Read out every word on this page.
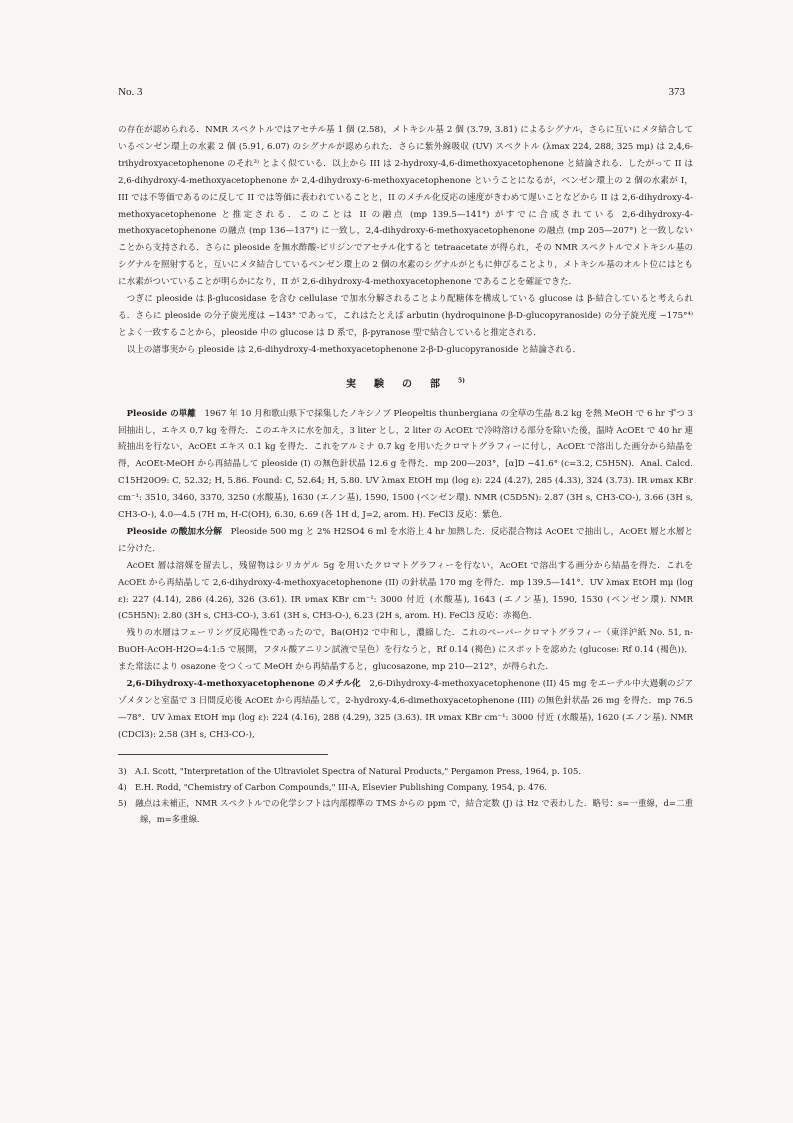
No. 3	373

の存在が認められる．NMR スペクトルではアセチル基 1 個 (2.58)，メトキシル基 2 個 (3.79, 3.81) によるシグナル，さらに互いにメタ結合しているベンゼン環上の水素 2 個 (5.91, 6.07) のシグナルが認められた．さらに紫外線吸収 (UV) スペクトル (λmax 224, 288, 325 mμ) は 2,4,6-trihydroxyacetophenone のそれ³⁾ とよく似ている．以上から III は 2-hydroxy-4,6-dimethoxyacetophenone と結論される．したがって II は 2,6-dihydroxy-4-methoxyacetophenone か 2,4-dihydroxy-6-methoxyacetophenone ということになるが，ベンゼン環上の 2 個の水素が I，III では不等価であるのに反して II では等価に表われていることと，II のメチル化反応の速度がきわめて遅いことなどから II は 2,6-dihydroxy-4-methoxyacetophenone と推定される．このことは II の融点 (mp 139.5—141°) がすでに合成されている 2,6-dihydroxy-4-methoxyacetophenone の融点 (mp 136—137°) に一致し，2,4-dihydroxy-6-methoxyacetophenone の融点 (mp 205—207°) と一致しないことから支持される．さらに pleoside を無水酢酸-ピリジンでアセチル化すると tetraacetate が得られ，その NMR スペクトルでメトキシル基のシグナルを照射すると，互いにメタ結合しているベンゼン環上の 2 個の水素のシグナルがともに伸びることより，メトキシル基のオルト位にはともに水素がついていることが明らかになり，II が 2,6-dihydroxy-4-methoxyacetophenone であることを確証できた．

つぎに pleoside は β-glucosidase を含む cellulase で加水分解されることより配糖体を構成している glucose は β-結合していると考えられる．さらに pleoside の分子旋光度は −143° であって，これはたとえば arbutin (hydroquinone β-D-glucopyranoside) の分子旋光度 −175°⁴⁾ とよく一致することから，pleoside 中の glucose は D 系で，β-pyranose 型で結合していると推定される．

以上の諸事実から pleoside は 2,6-dihydroxy-4-methoxyacetophenone 2-β-D-glucopyranoside と結論される．

実験の部$^{5)}$

Pleoside の単離　1967 年 10 月和歌山県下で採集したノキシノブ Pleopeltis thunbergiana の全草の生晶 8.2 kg を熱 MeOH で 6 hr ずつ 3 回抽出し，エキス 0.7 kg を得た．このエキスに水を加え，3 liter とし，2 liter の AcOEt で冷時溶ける部分を除いた後，温時 AcOEt で 40 hr 連続抽出を行ない，AcOEt エキス 0.1 kg を得た．これをアルミナ 0.7 kg を用いたクロマトグラフィーに付し，AcOEt で溶出した画分から結晶を得，AcOEt-MeOH から再結晶して pleoside (I) の無色針状晶 12.6 g を得た．mp 200—203°，[α]D −41.6° (c=3.2, C5H5N)．Anal. Calcd. C15H20O9: C, 52.32; H, 5.86. Found: C, 52.64; H, 5.80. UV λmax EtOH mμ (log ε): 224 (4.27), 285 (4.33), 324 (3.73). IR νmax KBr cm⁻¹: 3510, 3460, 3370, 3250 (水酸基), 1630 (エノン基), 1590, 1500 (ベンゼン環). NMR (C5D5N): 2.87 (3H s, CH3-CO-), 3.66 (3H s, CH3-O-), 4.0—4.5 (7H m, H-C(OH), 6.30, 6.69 (各 1H d, J=2, arom. H). FeCl3 反応：紫色．

Pleoside の酸加水分解　Pleoside 500 mg と 2% H2SO4 6 ml を水浴上 4 hr 加熱した．反応混合物は AcOEt で抽出し，AcOEt 層と水層とに分けた．

AcOEt 層は溶媒を留去し，残留物はシリカゲル 5g を用いたクロマトグラフィーを行ない，AcOEt で溶出する画分から結晶を得た．これを AcOEt から再結晶して 2,6-dihydroxy-4-methoxyacetophenone (II) の針状晶 170 mg を得た．mp 139.5—141°．UV λmax EtOH mμ (log ε): 227 (4.14), 286 (4.26), 326 (3.61). IR νmax KBr cm⁻¹: 3000 付近 (水酸基), 1643 (エノン基), 1590, 1530 (ベンゼン環). NMR (C5H5N): 2.80 (3H s, CH3-CO-), 3.61 (3H s, CH3-O-), 6.23 (2H s, arom. H). FeCl3 反応：赤褐色．

残りの水層はフェーリング反応陽性であったので，Ba(OH)2 で中和し，濃縮した．これのペーパークロマトグラフィー（東洋沪紙 No. 51, n-BuOH-AcOH-H2O=4:1:5 で展開，フタル酸アニリン試液で呈色）を行なうと，Rf 0.14 (褐色) にスポットを認めた (glucose: Rf 0.14 (褐色))．また常法により osazone をつくって MeOH から再結晶すると，glucosazone, mp 210—212°，が得られた．

2,6-Dihydroxy-4-methoxyacetophenone のメチル化　2,6-Dihydroxy-4-methoxyacetophenone (II) 45 mg をエーテル中大過剰のジアゾメタンと室温で 3 日間反応後 AcOEt から再結晶して，2-hydroxy-4,6-dimethoxyacetophenone (III) の無色針状晶 26 mg を得た．mp 76.5—78°．UV λmax EtOH mμ (log ε): 224 (4.16), 288 (4.29), 325 (3.63). IR νmax KBr cm⁻¹: 3000 付近 (水酸基), 1620 (エノン基). NMR (CDCl3): 2.58 (3H s, CH3-CO-),

3)　A.I. Scott, "Interpretation of the Ultraviolet Spectra of Natural Products," Pergamon Press, 1964, p. 105.

4)　E.H. Rodd, "Chemistry of Carbon Compounds," III-A, Elsevier Publishing Company, 1954, p. 476.

5)　融点は未補正，NMR スペクトルでの化学シフトは内部標準の TMS からの ppm で，結合定数 (J) は Hz で表わした．略号：s=一重線，d=二重線，m=多重線．
